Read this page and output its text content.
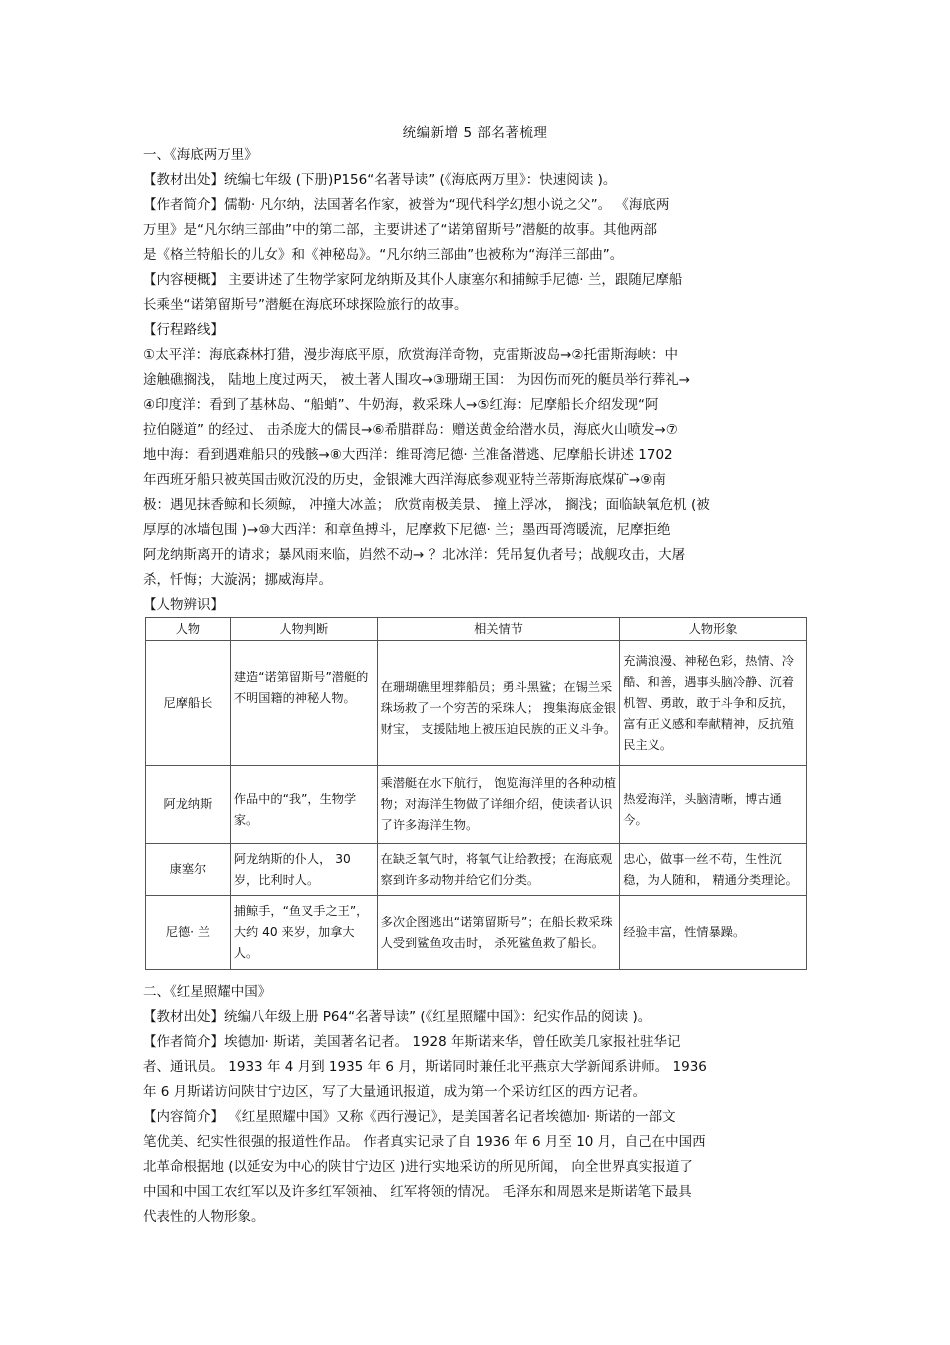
统编新增 5 部名著梳理
一、《海底两万里》
【教材出处】统编七年级 (下册)P156“名著导读” (《海底两万里》：快速阅读 )。
【作者简介】儒勒· 凡尔纳，法国著名作家，被誉为“现代科学幻想小说之父”。 《海底两
万里》是“凡尔纳三部曲”中的第二部，主要讲述了“诺第留斯号”潜艇的故事。其他两部
是《格兰特船长的儿女》和《神秘岛》。“凡尔纳三部曲”也被称为“海洋三部曲”。
【内容梗概】 主要讲述了生物学家阿龙纳斯及其仆人康塞尔和捕鲸手尼德· 兰，跟随尼摩船
长乘坐“诺第留斯号”潜艇在海底环球探险旅行的故事。
【行程路线】
①太平洋：海底森林打猎，漫步海底平原，欣赏海洋奇物，克雷斯波岛→②托雷斯海峡：中
途触礁搁浅， 陆地上度过两天， 被土著人围攻→③珊瑚王国： 为因伤而死的艇员举行葬礼→
④印度洋：看到了基林岛、“船蛸”、牛奶海，救采珠人→⑤红海：尼摩船长介绍发现“阿
拉伯隧道” 的经过、 击杀庞大的儒艮→⑥希腊群岛：赠送黄金给潜水员，海底火山喷发→⑦
地中海：看到遇难船只的残骸→⑧大西洋：维哥湾尼德· 兰准备潜逃、尼摩船长讲述 1702
年西班牙船只被英国击败沉没的历史，金银滩大西洋海底参观亚特兰蒂斯海底煤矿→⑨南
极：遇见抹香鲸和长须鲸， 冲撞大冰盖； 欣赏南极美景、 撞上浮冰， 搁浅；面临缺氧危机 (被
厚厚的冰墙包围 )→⑩大西洋：和章鱼搏斗，尼摩救下尼德· 兰；墨西哥湾暖流，尼摩拒绝
阿龙纳斯离开的请求；暴风雨来临，岿然不动→ ？北冰洋：凭吊复仇者号；战舰攻击，大屠
杀，忏悔；大漩涡；挪威海岸。
【人物辨识】
人物	人物判断	相关情节	人物形象
尼摩船长	建造“诺第留斯号”潜艇的不明国籍的神秘人物。	在珊瑚礁里埋葬船员；勇斗黑鲨；在锡兰采珠场救了一个穷苦的采珠人； 搜集海底金银财宝， 支援陆地上被压迫民族的正义斗争。	充满浪漫、神秘色彩，热情、冷酷、和善，遇事头脑冷静、沉着机智、勇敢，敢于斗争和反抗，富有正义感和奉献精神，反抗殖民主义。
阿龙纳斯	作品中的“我”，生物学家。	乘潜艇在水下航行， 饱览海洋里的各种动植物；对海洋生物做了详细介绍，使读者认识了许多海洋生物。	热爱海洋，头脑清晰，博古通今。
康塞尔	阿龙纳斯的仆人， 30 岁，比利时人。	在缺乏氧气时，将氧气让给教授；在海底观察到许多动物并给它们分类。	忠心，做事一丝不苟，生性沉稳，为人随和， 精通分类理论。
尼德· 兰	捕鲸手，“鱼叉手之王”，大约 40 来岁，加拿大人。	多次企图逃出“诺第留斯号”；在船长救采珠人受到鲨鱼攻击时， 杀死鲨鱼救了船长。	经验丰富，性情暴躁。
二、《红星照耀中国》
【教材出处】统编八年级上册 P64“名著导读” (《红星照耀中国》：纪实作品的阅读 )。
【作者简介】埃德加· 斯诺，美国著名记者。 1928 年斯诺来华，曾任欧美几家报社驻华记
者、通讯员。 1933 年 4 月到 1935 年 6 月，斯诺同时兼任北平燕京大学新闻系讲师。 1936
年 6 月斯诺访问陕甘宁边区，写了大量通讯报道，成为第一个采访红区的西方记者。
【内容简介】 《红星照耀中国》又称《西行漫记》，是美国著名记者埃德加· 斯诺的一部文
笔优美、纪实性很强的报道性作品。 作者真实记录了自 1936 年 6 月至 10 月，自己在中国西
北革命根据地 (以延安为中心的陕甘宁边区 )进行实地采访的所见所闻， 向全世界真实报道了
中国和中国工农红军以及许多红军领袖、 红军将领的情况。 毛泽东和周恩来是斯诺笔下最具
代表性的人物形象。
